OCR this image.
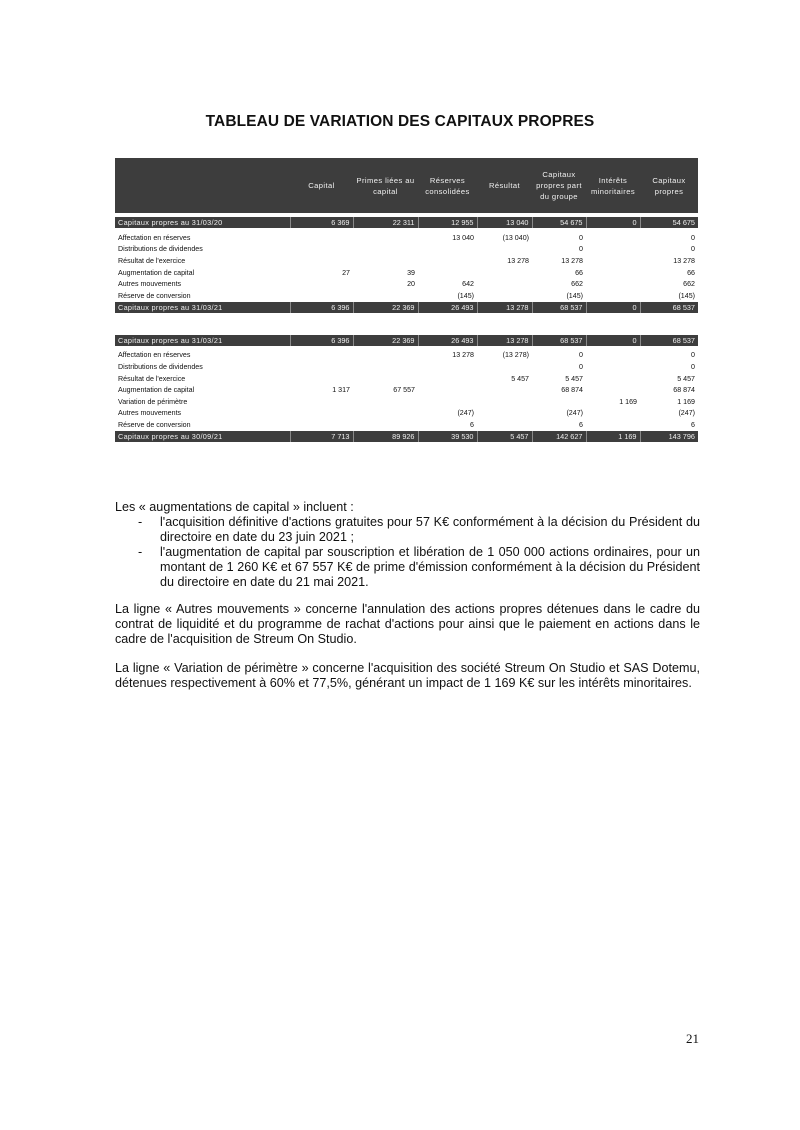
TABLEAU DE VARIATION DES CAPITAUX PROPRES
	Capital	Primes liées au capital	Réserves consolidées	Résultat	Capitaux propres part du groupe	Intérêts minoritaires	Capitaux propres

Capitaux propres au 31/03/20	6 369	22 311	12 955	13 040	54 675	0	54 675

Affectation en réserves			13 040	(13 040)	0		0
Distributions de dividendes					0		0
Résultat de l'exercice				13 278	13 278		13 278
Augmentation de capital	27	39			66		66
Autres mouvements		20	642		662		662
Réserve de conversion			(145)		(145)		(145)
Capitaux propres au 31/03/21	6 396	22 369	26 493	13 278	68 537	0	68 537

Capitaux propres au 31/03/21	6 396	22 369	26 493	13 278	68 537	0	68 537

Affectation en réserves			13 278	(13 278)	0		0
Distributions de dividendes					0		0
Résultat de l'exercice				5 457	5 457		5 457
Augmentation de capital	1 317	67 557			68 874		68 874
Variation de périmètre						1 169	1 169
Autres mouvements			(247)		(247)		(247)
Réserve de conversion			6		6		6
Capitaux propres au 30/09/21	7 713	89 926	39 530	5 457	142 627	1 169	143 796

Les « augmentations de capital » incluent :

- l'acquisition définitive d'actions gratuites pour 57 K€ conformément à la décision du Président du directoire en date du 23 juin 2021 ;
- l'augmentation de capital par souscription et libération de 1 050 000 actions ordinaires, pour un montant de 1 260 K€ et 67 557 K€ de prime d'émission conformément à la décision du Président du directoire en date du 21 mai 2021.
La ligne « Autres mouvements » concerne l'annulation des actions propres détenues dans le cadre du contrat de liquidité et du programme de rachat d'actions pour ainsi que le paiement en actions dans le cadre de l'acquisition de Streum On Studio.
La ligne « Variation de périmètre » concerne l'acquisition des société Streum On Studio et SAS Dotemu, détenues respectivement à 60% et 77,5%, générant un impact de 1 169 K€ sur les intérêts minoritaires.
21
